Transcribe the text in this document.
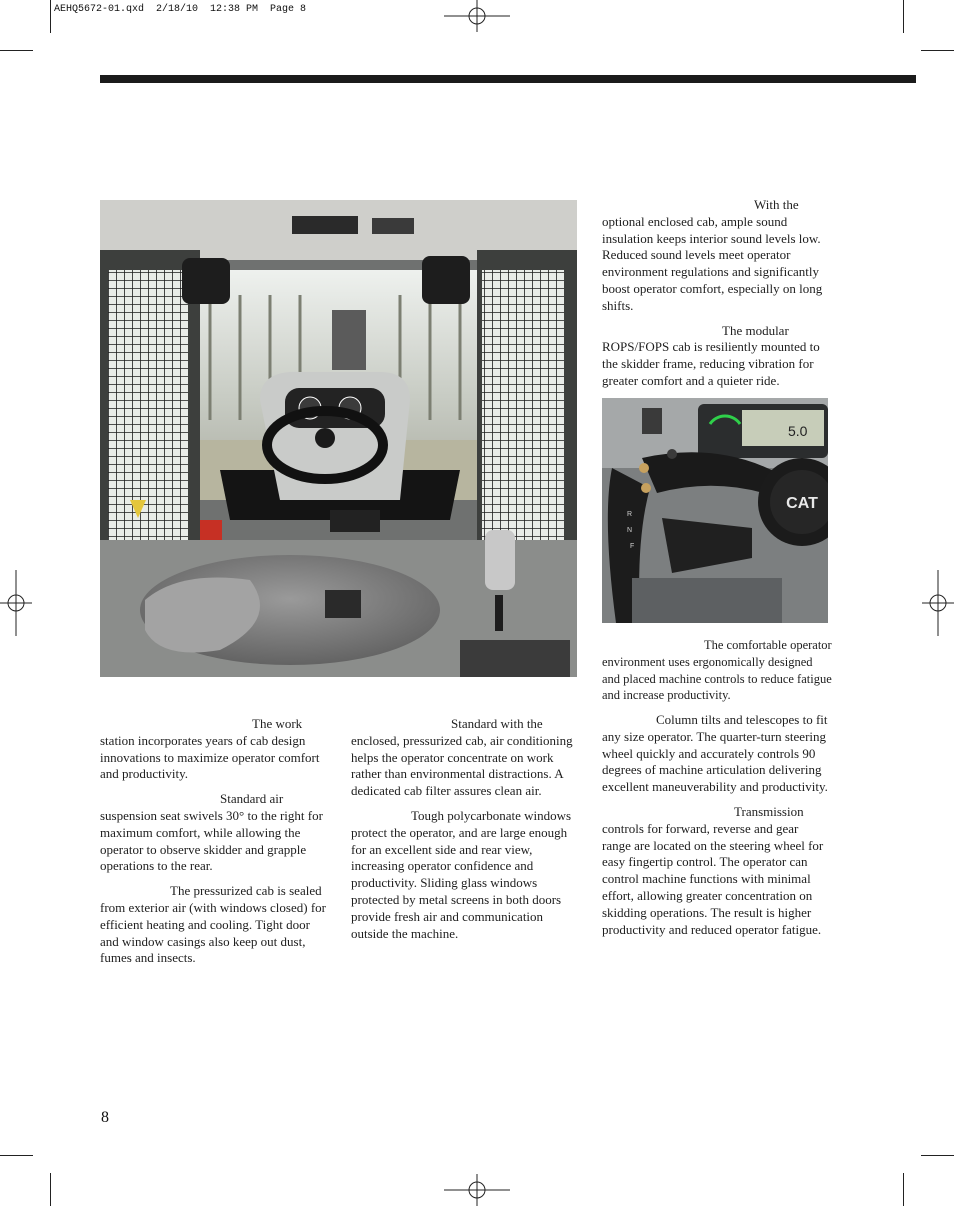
AEHQ5672-01.qxd  2/18/10  12:38 PM  Page 8
5.0
CAT
R
N
F

With the optional enclosed cab, ample sound insulation keeps interior sound levels low. Reduced sound levels meet operator environment regulations and significantly boost operator comfort, especially on long shifts.

The modular ROPS/FOPS cab is resiliently mounted to the skidder frame, reducing vibration for greater comfort and a quieter ride.

The comfortable operator environment uses ergonomically designed and placed machine controls to reduce fatigue and increase productivity.

The work station incorporates years of cab design innovations to maximize operator comfort and productivity.

Standard air suspension seat swivels 30° to the right for maximum comfort, while allowing the operator to observe skidder and grapple operations to the rear.

The pressurized cab is sealed from exterior air (with windows closed) for efficient heating and cooling. Tight door and window casings also keep out dust, fumes and insects.

Standard with the enclosed, pressurized cab, air conditioning helps the operator concentrate on work rather than environmental distractions. A dedicated cab filter assures clean air.

Tough polycarbonate windows protect the operator, and are large enough for an excellent side and rear view, increasing operator confidence and productivity. Sliding glass windows protected by metal screens in both doors provide fresh air and communication outside the machine.

Column tilts and telescopes to fit any size operator. The quarter-turn steering wheel quickly and accurately controls 90 degrees of machine articulation delivering excellent maneuverability and productivity.

Transmission controls for forward, reverse and gear range are located on the steering wheel for easy fingertip control. The operator can control machine functions with minimal effort, allowing greater concentration on skidding operations. The result is higher productivity and reduced operator fatigue.

8
